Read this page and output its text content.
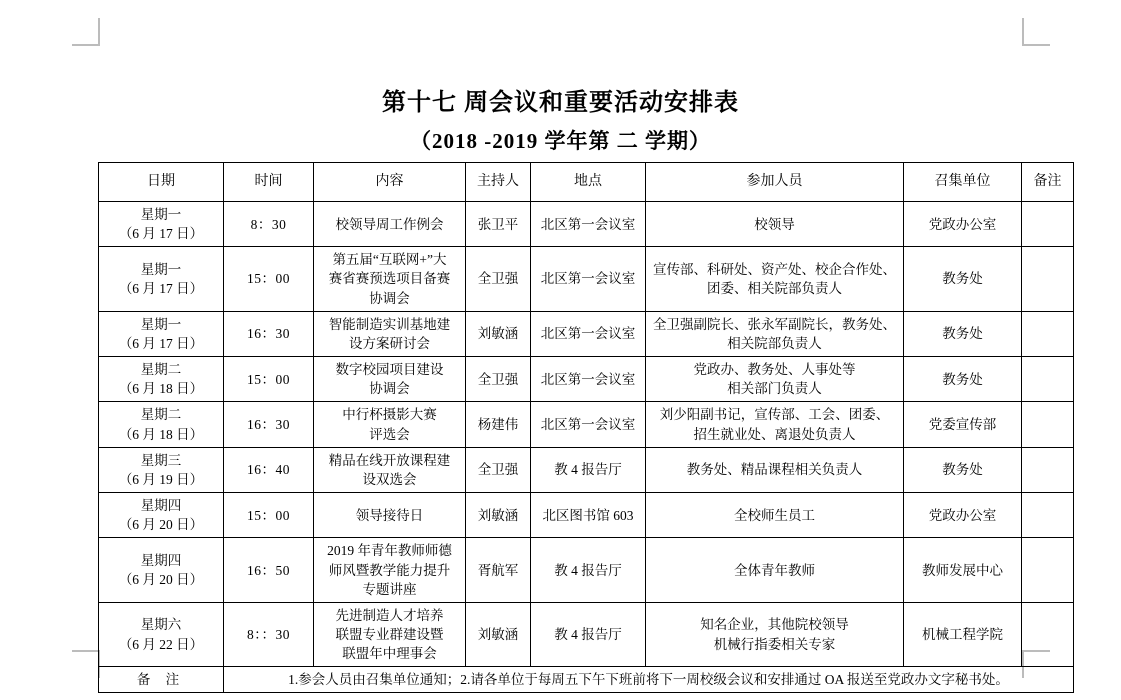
第十七 周会议和重要活动安排表
（2018 -2019 学年第 二 学期）
日期	时间	内容	主持人	地点	参加人员	召集单位	备注

星期一
（6 月 17 日）	8：30	校领导周工作例会	张卫平	北区第一会议室	校领导	党政办公室	

星期一
（6 月 17 日）	15：00	第五届“互联网+”大
赛省赛预选项目备赛
协调会	全卫强	北区第一会议室	宣传部、科研处、资产处、校企合作处、
团委、相关院部负责人	教务处	

星期一
（6 月 17 日）	16：30	智能制造实训基地建
设方案研讨会	刘敏涵	北区第一会议室	全卫强副院长、张永军副院长，教务处、
相关院部负责人	教务处	

星期二
（6 月 18 日）	15：00	数字校园项目建设
协调会	全卫强	北区第一会议室	党政办、教务处、人事处等
相关部门负责人	教务处	

星期二
（6 月 18 日）	16：30	中行杯摄影大赛
评选会	杨建伟	北区第一会议室	刘少阳副书记，宣传部、工会、团委、
招生就业处、离退处负责人	党委宣传部	

星期三
（6 月 19 日）	16：40	精品在线开放课程建
设双选会	全卫强	教 4 报告厅	教务处、精品课程相关负责人	教务处	

星期四
（6 月 20 日）	15：00	领导接待日	刘敏涵	北区图书馆 603	全校师生员工	党政办公室	

星期四
（6 月 20 日）	16：50	2019 年青年教师师德
师风暨教学能力提升
专题讲座	胥航军	教 4 报告厅	全体青年教师	教师发展中心	

星期六
（6 月 22 日）	8：：30	先进制造人才培养
联盟专业群建设暨
联盟年中理事会	刘敏涵	教 4 报告厅	知名企业，其他院校领导
机械行指委相关专家	机械工程学院	
备 注	1.参会人员由召集单位通知；2.请各单位于每周五下午下班前将下一周校级会议和安排通过 OA 报送至党政办文字秘书处。						
